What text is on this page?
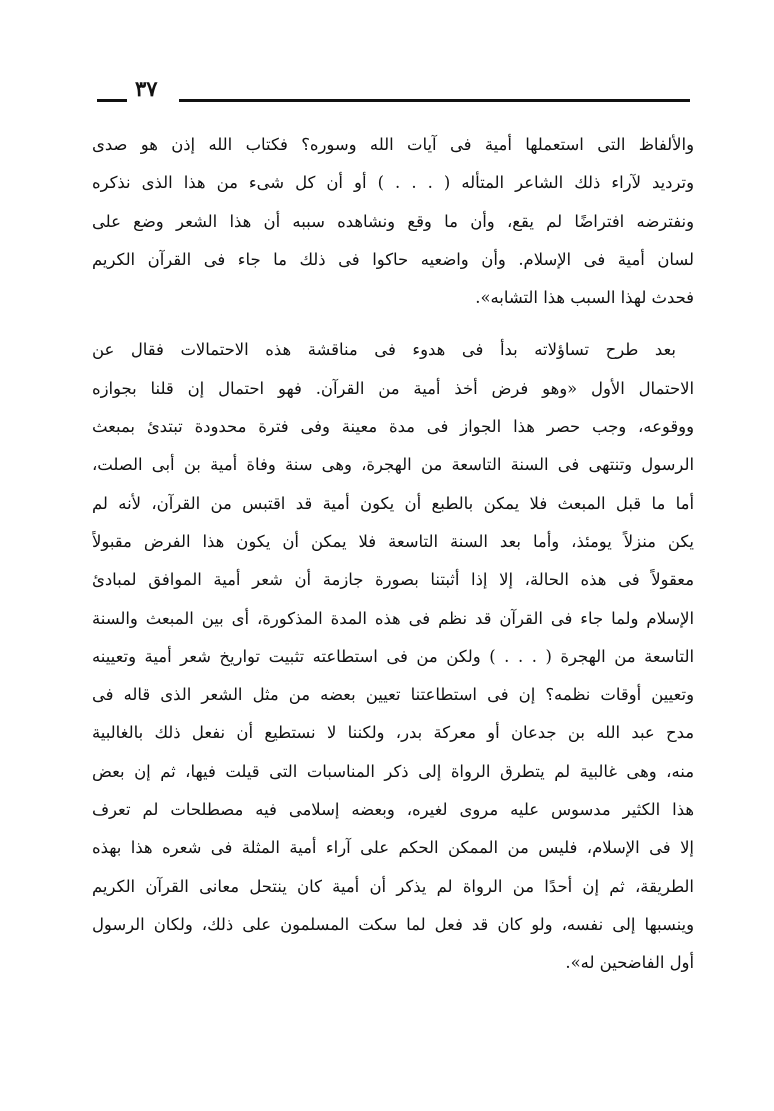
٣٧

والألفاظ التى استعملها أمية فى آيات الله وسوره؟ فكتاب الله إذن هو صدى
وترديد لآراء ذلك الشاعر المتأله ( . . . ) أو أن كل شىء من هذا الذى نذكره
ونفترضه افتراضًا لم يقع، وأن ما وقع ونشاهده سببه أن هذا الشعر وضع على
لسان أمية فى الإسلام. وأن واضعيه حاكوا فى ذلك ما جاء فى القرآن الكريم
فحدث لهذا السبب هذا التشابه».

بعد طرح تساؤلاته بدأ فى هدوء فى مناقشة هذه الاحتمالات فقال عن
الاحتمال الأول «وهو فرض أخذ أمية من القرآن. فهو احتمال إن قلنا بجوازه
ووقوعه، وجب حصر هذا الجواز فى مدة معينة وفى فترة محدودة تبتدئ بمبعث
الرسول وتنتهى فى السنة التاسعة من الهجرة، وهى سنة وفاة أمية بن أبى الصلت،
أما ما قبل المبعث فلا يمكن بالطبع أن يكون أمية قد اقتبس من القرآن، لأنه لم
يكن منزلاً يومئذ، وأما بعد السنة التاسعة فلا يمكن أن يكون هذا الفرض مقبولاً
معقولاً فى هذه الحالة، إلا إذا أثبتنا بصورة جازمة أن شعر أمية الموافق لمبادئ
الإسلام ولما جاء فى القرآن قد نظم فى هذه المدة المذكورة، أى بين المبعث والسنة
التاسعة من الهجرة ( . . . ) ولكن من فى استطاعته تثبيت تواريخ شعر أمية وتعيينه
وتعيين أوقات نظمه؟ إن فى استطاعتنا تعيين بعضه من مثل الشعر الذى قاله فى
مدح عبد الله بن جدعان أو معركة بدر، ولكننا لا نستطيع أن نفعل ذلك بالغالبية
منه، وهى غالبية لم يتطرق الرواة إلى ذكر المناسبات التى قيلت فيها، ثم إن بعض
هذا الكثير مدسوس عليه مروى لغيره، وبعضه إسلامى فيه مصطلحات لم تعرف
إلا فى الإسلام، فليس من الممكن الحكم على آراء أمية المثلة فى شعره هذا بهذه
الطريقة، ثم إن أحدًا من الرواة لم يذكر أن أمية كان ينتحل معانى القرآن الكريم
وينسبها إلى نفسه، ولو كان قد فعل لما سكت المسلمون على ذلك، ولكان الرسول
أول الفاضحين له».
